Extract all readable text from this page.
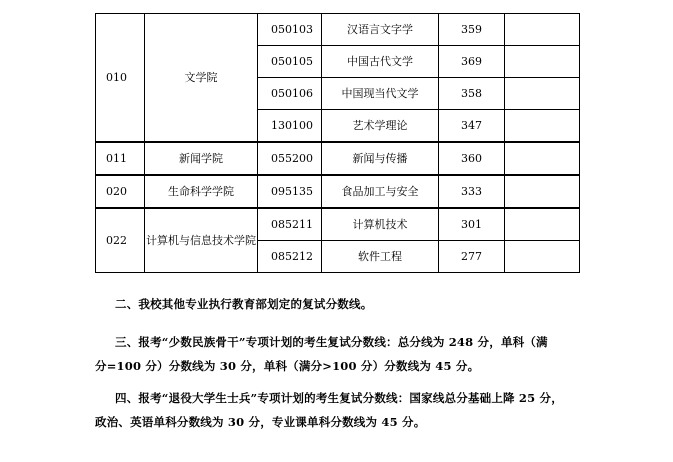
010	文学院	050103	汉语言文字学	359	
		050105	中国古代文学	369	
		050106	中国现当代文学	358	
		130100	艺术学理论	347	
011	新闻学院	055200	新闻与传播	360	
020	生命科学学院	095135	食品加工与安全	333	
022	计算机与信息技术学院	085211	计算机技术	301	
		085212	软件工程	277	
二、我校其他专业执行教育部划定的复试分数线。
三、报考“少数民族骨干”专项计划的考生复试分数线：总分线为 248 分，单科（满
分=100 分）分数线为 30 分，单科（满分>100 分）分数线为 45 分。
四、报考“退役大学生士兵”专项计划的考生复试分数线：国家线总分基础上降 25 分，
政治、英语单科分数线为 30 分，专业课单科分数线为 45 分。
